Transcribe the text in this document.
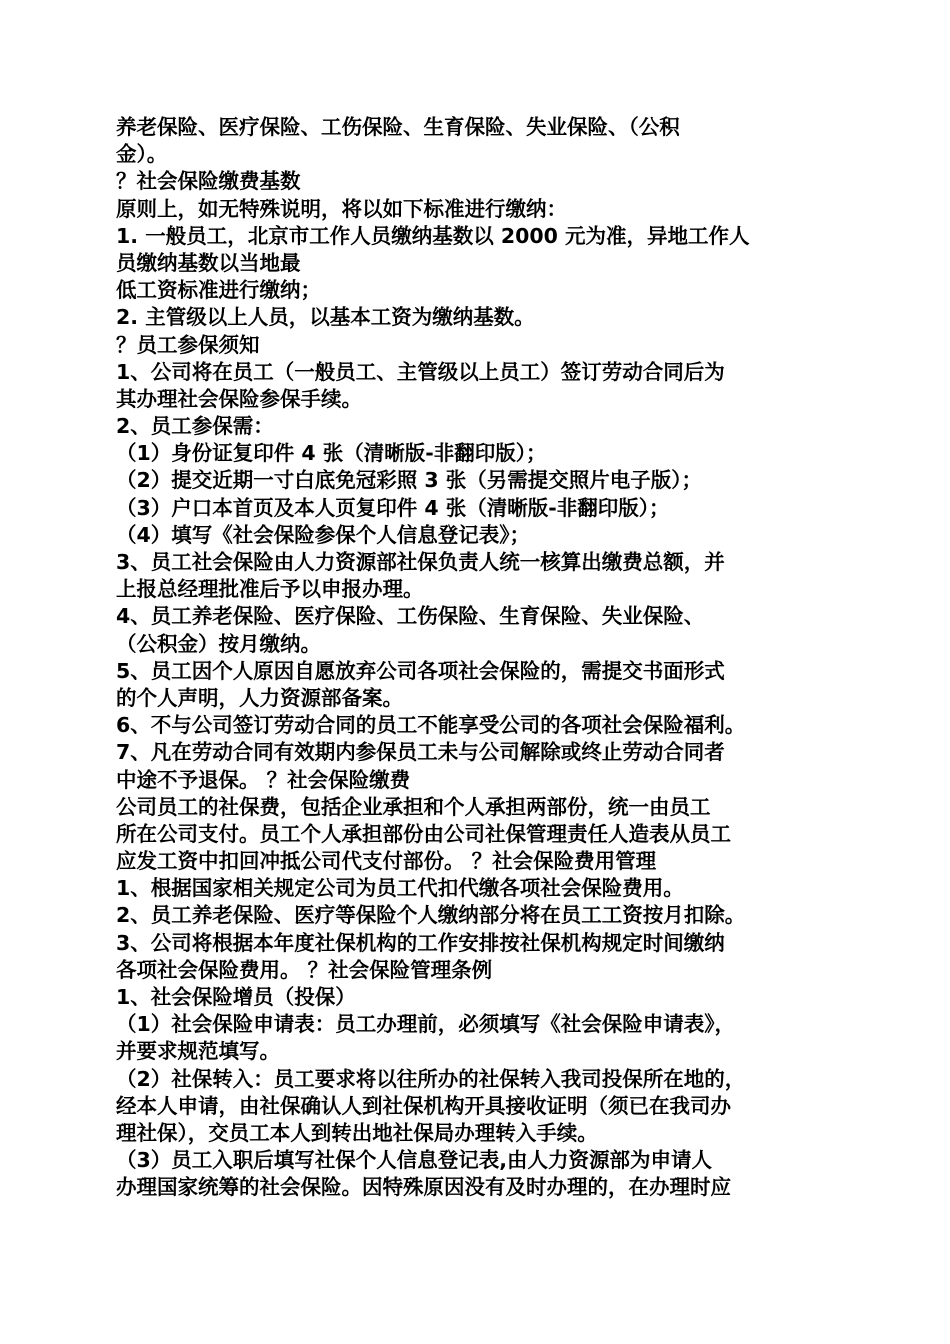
养老保险、医疗保险、工伤保险、生育保险、失业保险、（公积
金）。
？社会保险缴费基数
原则上，如无特殊说明，将以如下标准进行缴纳：
1. 一般员工，北京市工作人员缴纳基数以 2000 元为准，异地工作人
员缴纳基数以当地最
低工资标准进行缴纳；
2. 主管级以上人员，以基本工资为缴纳基数。
？员工参保须知
1、公司将在员工（一般员工、主管级以上员工）签订劳动合同后为
其办理社会保险参保手续。
2、员工参保需：
（1）身份证复印件 4 张（清晰版-非翻印版）；
（2）提交近期一寸白底免冠彩照 3 张（另需提交照片电子版）；
（3）户口本首页及本人页复印件 4 张（清晰版-非翻印版）；
（4）填写《社会保险参保个人信息登记表》；
3、员工社会保险由人力资源部社保负责人统一核算出缴费总额，并
上报总经理批准后予以申报办理。
4、员工养老保险、医疗保险、工伤保险、生育保险、失业保险、
（公积金）按月缴纳。
5、员工因个人原因自愿放弃公司各项社会保险的，需提交书面形式
的个人声明，人力资源部备案。
6、不与公司签订劳动合同的员工不能享受公司的各项社会保险福利。
7、凡在劳动合同有效期内参保员工未与公司解除或终止劳动合同者
中途不予退保。 ？社会保险缴费
公司员工的社保费，包括企业承担和个人承担两部份，统一由员工
所在公司支付。员工个人承担部份由公司社保管理责任人造表从员工
应发工资中扣回冲抵公司代支付部份。 ？社会保险费用管理
1、根据国家相关规定公司为员工代扣代缴各项社会保险费用。
2、员工养老保险、医疗等保险个人缴纳部分将在员工工资按月扣除。
3、公司将根据本年度社保机构的工作安排按社保机构规定时间缴纳
各项社会保险费用。 ？社会保险管理条例
1、社会保险增员（投保）
（1）社会保险申请表：员工办理前，必须填写《社会保险申请表》，
并要求规范填写。
（2）社保转入：员工要求将以往所办的社保转入我司投保所在地的，
经本人申请，由社保确认人到社保机构开具接收证明（须已在我司办
理社保），交员工本人到转出地社保局办理转入手续。
（3）员工入职后填写社保个人信息登记表,由人力资源部为申请人
办理国家统筹的社会保险。因特殊原因没有及时办理的，在办理时应
